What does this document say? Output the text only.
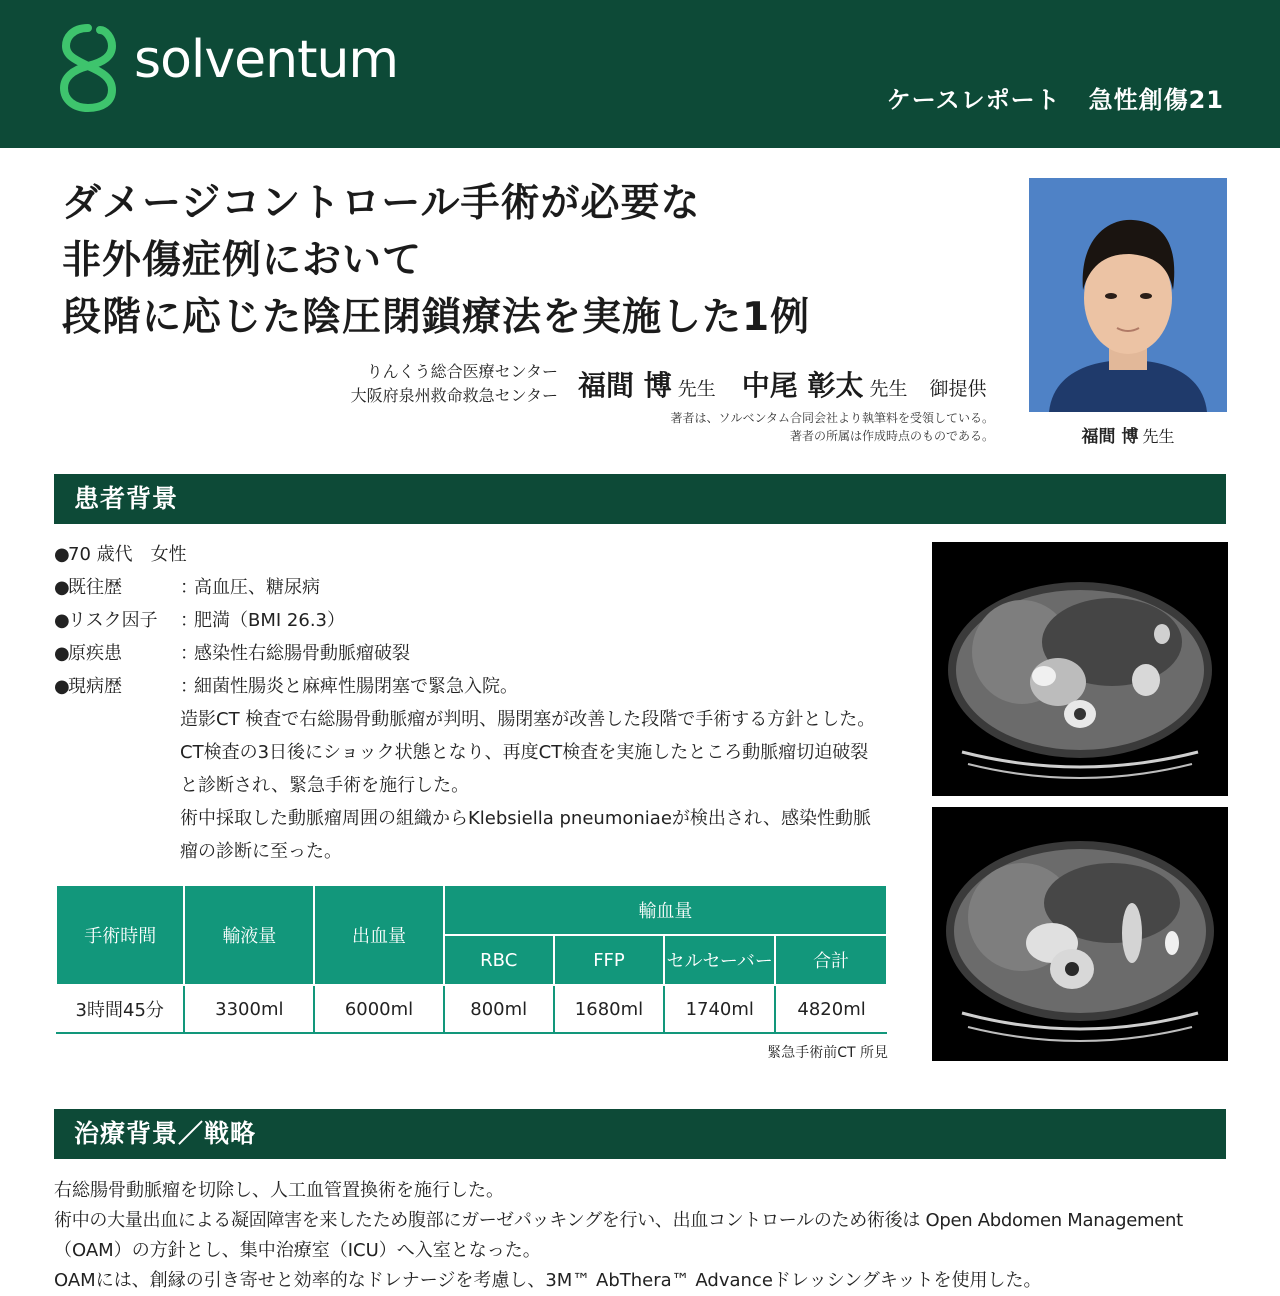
solventum
ケースレポート 急性創傷21
ダメージコントロール手術が必要な
非外傷症例において
段階に応じた陰圧閉鎖療法を実施した1例
りんくう総合医療センター
大阪府泉州救命救急センター 福間 博 先生 中尾 彰太 先生 御提供
著者は、ソルベンタム合同会社より執筆料を受領している。
著者の所属は作成時点のものである。	福間 博 先生
患者背景
●
70 歳代　女性
●
既往歴	：
高血圧、糖尿病
●
リスク因子	：
肥満（BMI 26.3）
●
原疾患	：
感染性右総腸骨動脈瘤破裂
●
現病歴	：
細菌性腸炎と麻痺性腸閉塞で緊急入院。
造影CT 検査で右総腸骨動脈瘤が判明、腸閉塞が改善した段階で手術する方針とした。
CT検査の3日後にショック状態となり、再度CT検査を実施したところ動脈瘤切迫破裂
と診断され、緊急手術を施行した。
術中採取した動脈瘤周囲の組織からKlebsiella pneumoniaeが検出され、感染性動脈
瘤の診断に至った。
手術時間	輸液量	出血量	輸血量			
			RBC	FFP	セルセーバー	合計
3時間45分	3300ml	6000ml	800ml	1680ml	1740ml	4820ml
緊急手術前CT 所見
治療背景／戦略
右総腸骨動脈瘤を切除し、人工血管置換術を施行した。
術中の大量出血による凝固障害を来したため腹部にガーゼパッキングを行い、出血コントロールのため術後は Open Abdomen Management
（OAM）の方針とし、集中治療室（ICU）へ入室となった。
OAMには、創縁の引き寄せと効率的なドレナージを考慮し、3M™ AbThera™ Advanceドレッシングキットを使用した。
